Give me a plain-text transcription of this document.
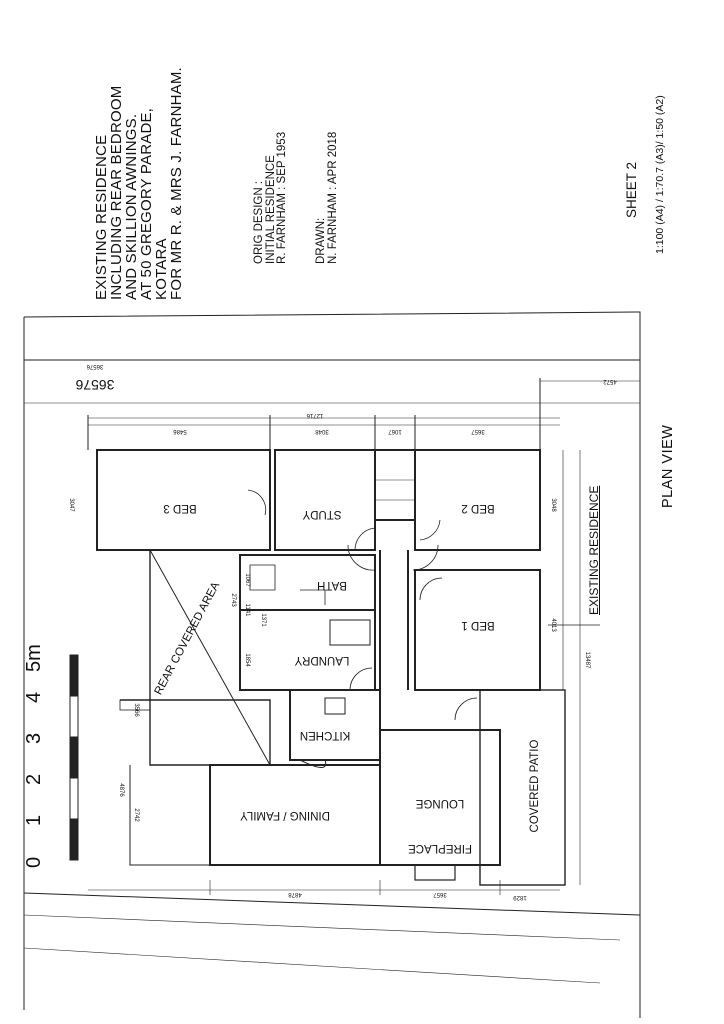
EXISTING RESIDENCE
INCLUDING REAR BEDROOM
AND SKILLION AWNINGS.
AT 50 GREGORY PARADE,
KOTARA
FOR MR R. & MRS J. FARNHAM.	ORIG DESIGN : INITIAL RESIDENCE R. FARNHAM : SEP 1953 DRAWN: N. FARNHAM : APR 2018	SHEET 2 1:100 (A4) / 1:70.7 (A3)/ 1:50 (A2)
PLAN VIEW
EXISTING RESIDENCE
0
1
2
3
4
5m
BED 3	STUDY	BED 2
BATH
BED 1
LAUNDRY
KITCHEN
DINING / FAMILY
LOUNGE
FIREPLACE
COVERED PATIO
REAR COVERED AREA
36576
36576
5486	3048	1067	3657
12716
4572
3048
4013
13487
3047
1067
2743
1141
1371
1854
3566
4876
2742
4878	3657	1829
